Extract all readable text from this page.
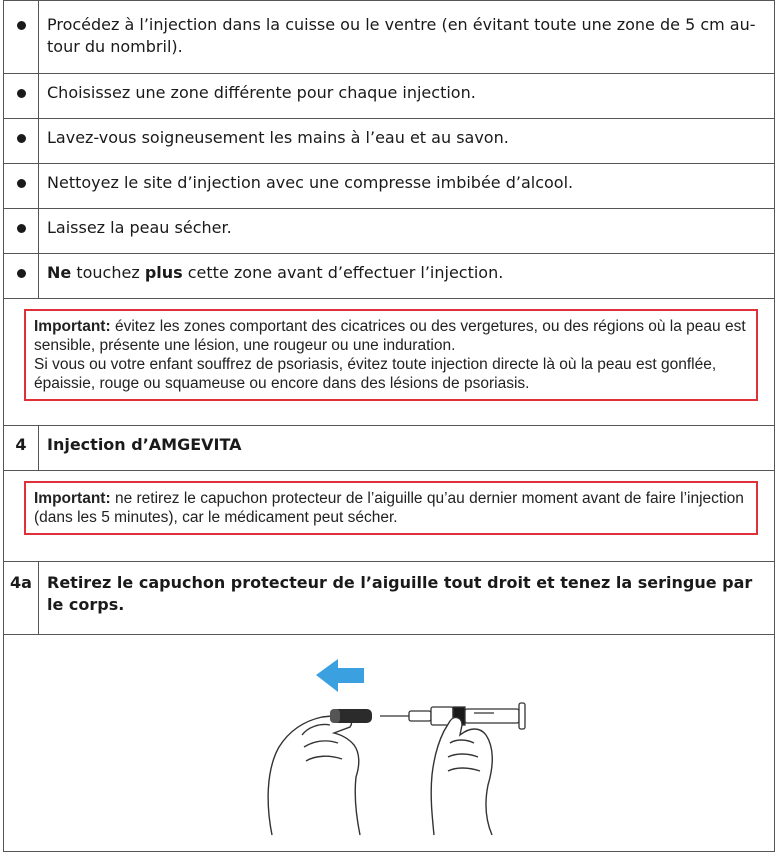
	Procédez à l’injection dans la cuisse ou le ventre (en évitant toute une zone de 5 cm autour du nombril).

	Choisissez une zone différente pour chaque injection.

	Lavez-vous soigneusement les mains à l’eau et au savon.

	Nettoyez le site d’injection avec une compresse imbibée d’alcool.

	Laissez la peau sécher.

	Ne touchez plus cette zone avant d’effectuer l’injection.

Important: évitez les zones comportant des cicatrices ou des vergetures, ou des régions où la peau est sensible, présente une lésion, une rougeur ou une induration.
Si vous ou votre enfant souffrez de psoriasis, évitez toute injection directe là où la peau est gonflée, épaissie, rouge ou squameuse ou encore dans des lésions de psoriasis.	

4	Injection d’AMGEVITA

Important: ne retirez le capuchon protecteur de l’aiguille qu’au dernier moment avant de faire l’injection (dans les 5 minutes), car le médicament peut sécher.	

4a	Retirez le capuchon protecteur de l’aiguille tout droit et tenez la seringue par le corps.
